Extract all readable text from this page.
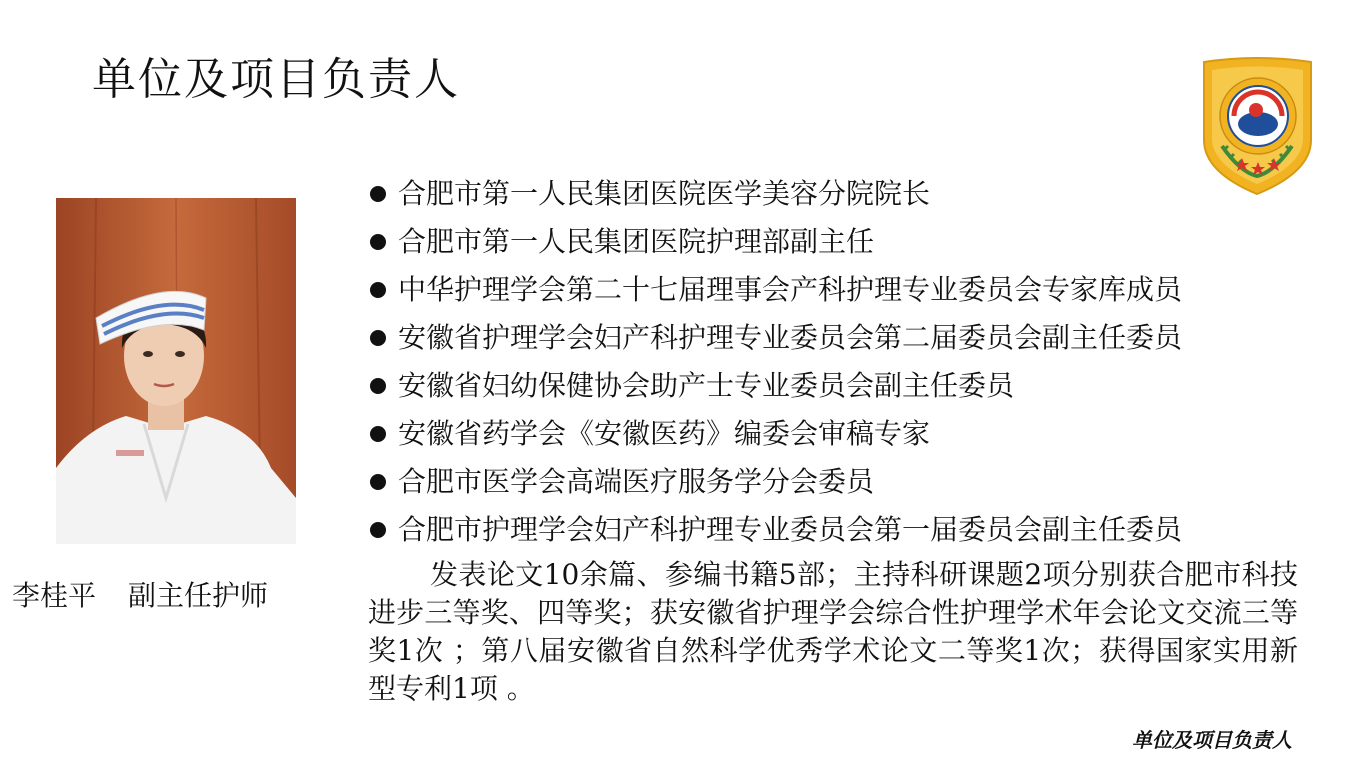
单位及项目负责人
李桂平 副主任护师
合肥市第一人民集团医院医学美容分院院长
合肥市第一人民集团医院护理部副主任
中华护理学会第二十七届理事会产科护理专业委员会专家库成员
安徽省护理学会妇产科护理专业委员会第二届委员会副主任委员
安徽省妇幼保健协会助产士专业委员会副主任委员
安徽省药学会《安徽医药》编委会审稿专家
合肥市医学会高端医疗服务学分会委员
合肥市护理学会妇产科护理专业委员会第一届委员会副主任委员

发表论文10余篇、参编书籍5部；主持科研课题2项分别获合肥市科技进步三等奖、四等奖；获安徽省护理学会综合性护理学术年会论文交流三等奖1次 ；第八届安徽省自然科学优秀学术论文二等奖1次；获得国家实用新型专利1项 。

单位及项目负责人
